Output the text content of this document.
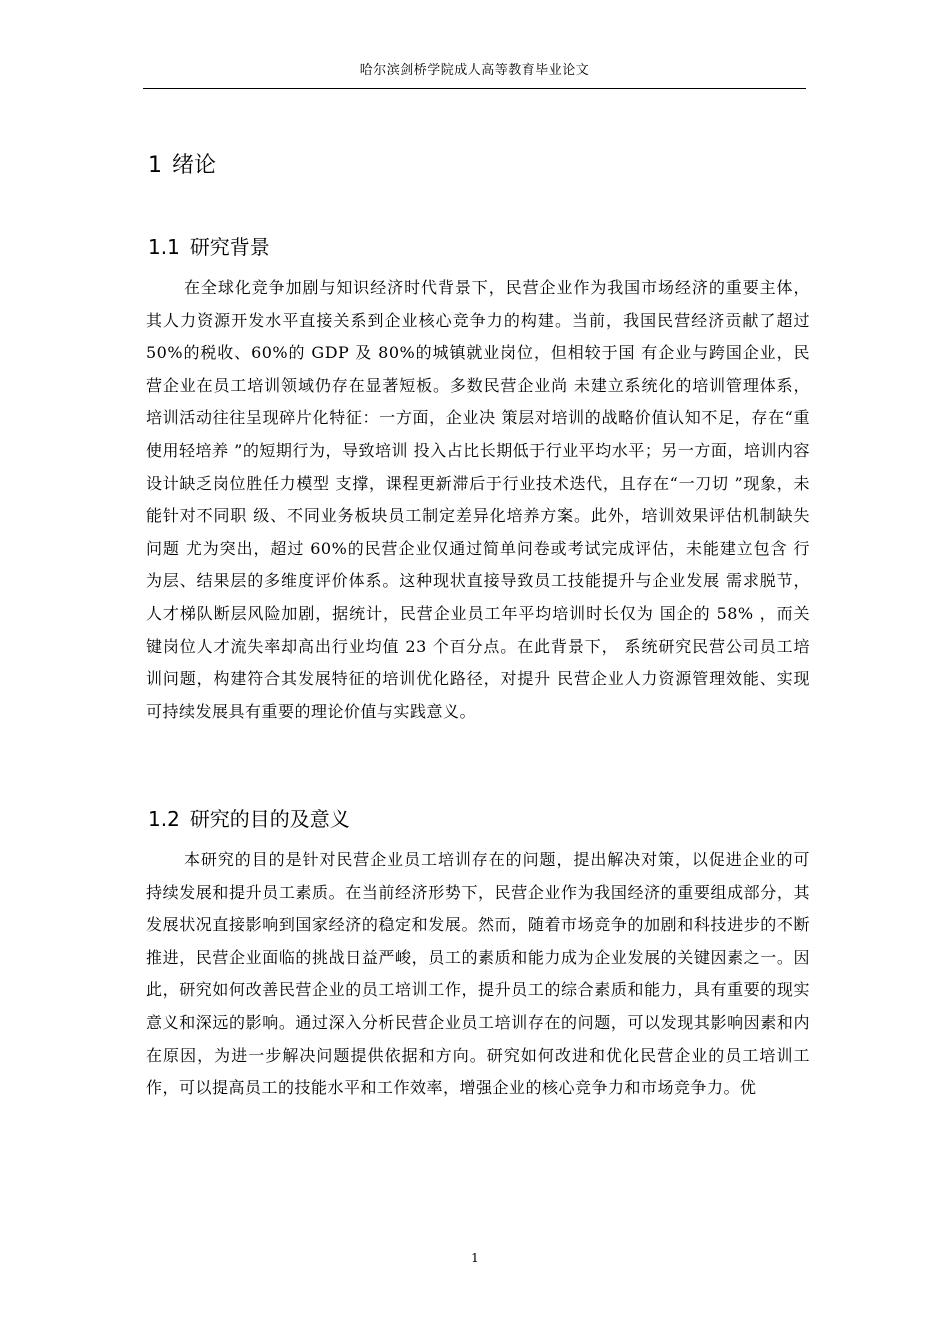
哈尔滨剑桥学院成人高等教育毕业论文
1 绪论
1.1 研究背景

在全球化竞争加剧与知识经济时代背景下，民营企业作为我国市场经济的重要主体，其人力资源开发水平直接关系到企业核心竞争力的构建。当前，我国民营经济贡献了超过 50%的税收、60%的 GDP 及 80%的城镇就业岗位，但相较于国 有企业与跨国企业，民营企业在员工培训领域仍存在显著短板。多数民营企业尚 未建立系统化的培训管理体系，培训活动往往呈现碎片化特征：一方面，企业决 策层对培训的战略价值认知不足，存在“重使用轻培养 ”的短期行为，导致培训 投入占比长期低于行业平均水平；另一方面，培训内容设计缺乏岗位胜任力模型 支撑，课程更新滞后于行业技术迭代，且存在“一刀切 ”现象，未能针对不同职 级、不同业务板块员工制定差异化培养方案。此外，培训效果评估机制缺失问题 尤为突出，超过 60%的民营企业仅通过简单问卷或考试完成评估，未能建立包含 行为层、结果层的多维度评价体系。这种现状直接导致员工技能提升与企业发展 需求脱节，人才梯队断层风险加剧，据统计，民营企业员工年平均培训时长仅为 国企的 58% ，而关键岗位人才流失率却高出行业均值 23 个百分点。在此背景下， 系统研究民营公司员工培训问题，构建符合其发展特征的培训优化路径，对提升 民营企业人力资源管理效能、实现可持续发展具有重要的理论价值与实践意义。

1.2 研究的目的及意义

本研究的目的是针对民营企业员工培训存在的问题，提出解决对策，以促进企业的可持续发展和提升员工素质。在当前经济形势下，民营企业作为我国经济的重要组成部分，其发展状况直接影响到国家经济的稳定和发展。然而，随着市场竞争的加剧和科技进步的不断推进，民营企业面临的挑战日益严峻，员工的素质和能力成为企业发展的关键因素之一。因此，研究如何改善民营企业的员工培训工作，提升员工的综合素质和能力，具有重要的现实意义和深远的影响。通过深入分析民营企业员工培训存在的问题，可以发现其影响因素和内在原因，为进一步解决问题提供依据和方向。研究如何改进和优化民营企业的员工培训工作，可以提高员工的技能水平和工作效率，增强企业的核心竞争力和市场竞争力。优

1
